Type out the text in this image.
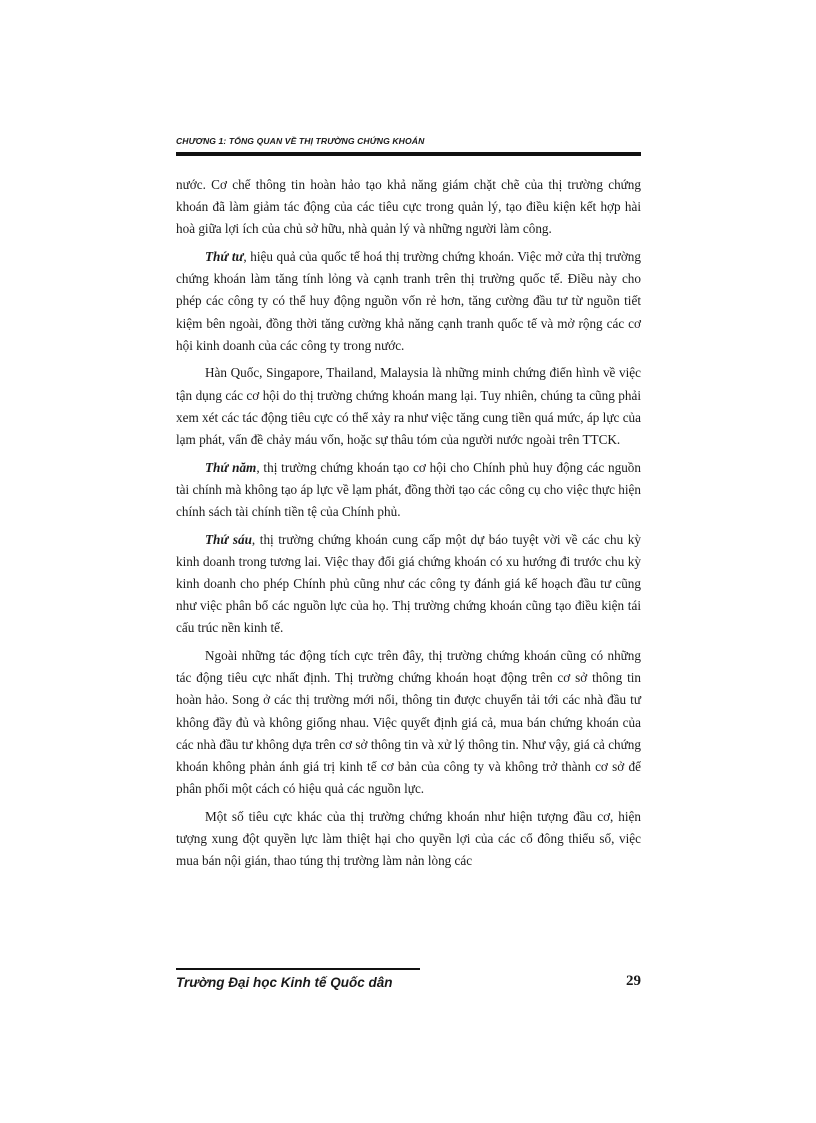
CHƯƠNG 1: TỔNG QUAN VỀ THỊ TRƯỜNG CHỨNG KHOÁN

nước. Cơ chế thông tin hoàn hảo tạo khả năng giám chặt chẽ của thị trường chứng khoán đã làm giảm tác động của các tiêu cực trong quản lý, tạo điều kiện kết hợp hài hoà giữa lợi ích của chủ sở hữu, nhà quản lý và những người làm công.

Thứ tư, hiệu quả của quốc tế hoá thị trường chứng khoán. Việc mở cửa thị trường chứng khoán làm tăng tính lỏng và cạnh tranh trên thị trường quốc tế. Điều này cho phép các công ty có thể huy động nguồn vốn rẻ hơn, tăng cường đầu tư từ nguồn tiết kiệm bên ngoài, đồng thời tăng cường khả năng cạnh tranh quốc tế và mở rộng các cơ hội kinh doanh của các công ty trong nước.

Hàn Quốc, Singapore, Thailand, Malaysia là những minh chứng điển hình về việc tận dụng các cơ hội do thị trường chứng khoán mang lại. Tuy nhiên, chúng ta cũng phải xem xét các tác động tiêu cực có thể xảy ra như việc tăng cung tiền quá mức, áp lực của lạm phát, vấn đề chảy máu vốn, hoặc sự thâu tóm của người nước ngoài trên TTCK.

Thứ năm, thị trường chứng khoán tạo cơ hội cho Chính phủ huy động các nguồn tài chính mà không tạo áp lực về lạm phát, đồng thời tạo các công cụ cho việc thực hiện chính sách tài chính tiền tệ của Chính phủ.

Thứ sáu, thị trường chứng khoán cung cấp một dự báo tuyệt vời về các chu kỳ kinh doanh trong tương lai. Việc thay đổi giá chứng khoán có xu hướng đi trước chu kỳ kinh doanh cho phép Chính phủ cũng như các công ty đánh giá kế hoạch đầu tư cũng như việc phân bổ các nguồn lực của họ. Thị trường chứng khoán cũng tạo điều kiện tái cấu trúc nền kinh tế.

Ngoài những tác động tích cực trên đây, thị trường chứng khoán cũng có những tác động tiêu cực nhất định. Thị trường chứng khoán hoạt động trên cơ sở thông tin hoàn hảo. Song ở các thị trường mới nổi, thông tin được chuyển tải tới các nhà đầu tư không đầy đủ và không giống nhau. Việc quyết định giá cả, mua bán chứng khoán của các nhà đầu tư không dựa trên cơ sở thông tin và xử lý thông tin. Như vậy, giá cả chứng khoán không phản ánh giá trị kinh tế cơ bản của công ty và không trở thành cơ sở để phân phối một cách có hiệu quả các nguồn lực.

Một số tiêu cực khác của thị trường chứng khoán như hiện tượng đầu cơ, hiện tượng xung đột quyền lực làm thiệt hại cho quyền lợi của các cổ đông thiểu số, việc mua bán nội gián, thao túng thị trường làm nản lòng các

Trường Đại học Kinh tế Quốc dân	29
